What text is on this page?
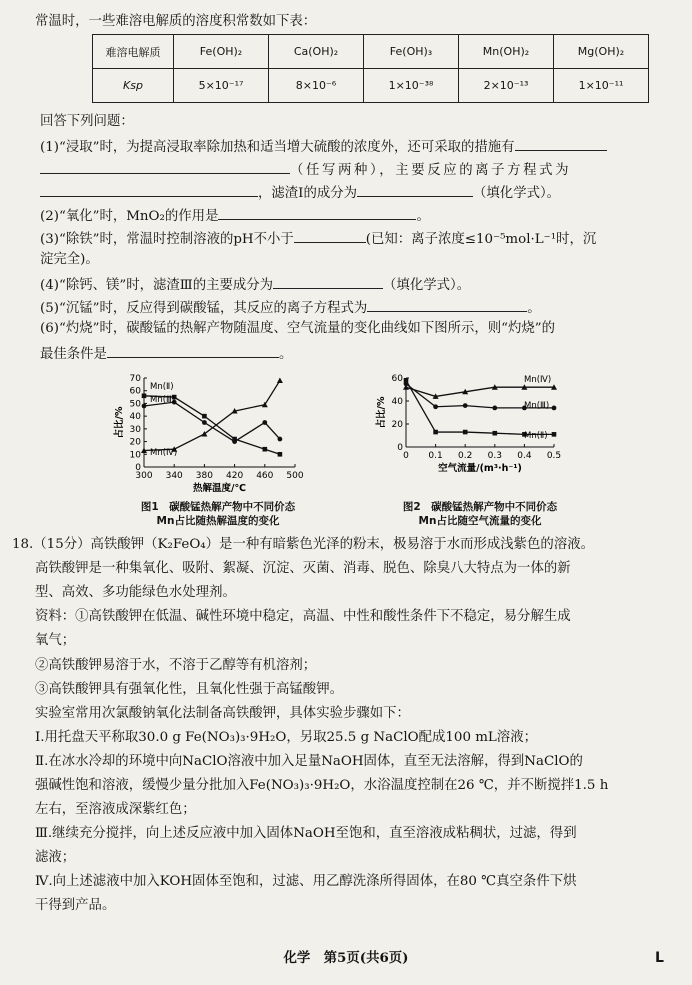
常温时，一些难溶电解质的溶度积常数如下表：
难溶电解质	Fe(OH)₂	Ca(OH)₂	Fe(OH)₃	Mn(OH)₂	Mg(OH)₂
Ksp	5×10⁻¹⁷	8×10⁻⁶	1×10⁻³⁸	2×10⁻¹³	1×10⁻¹¹
回答下列问题：
(1)“浸取”时，为提高浸取率除加热和适当增大硫酸的浓度外，还可采取的措施有
（任写两种），主要反应的离子方程式为
，滤渣Ⅰ的成分为	（填化学式）。
(2)“氧化”时，MnO₂的作用是	。
(3)“除铁”时，常温时控制溶液的pH不小于	(已知：离子浓度≤10⁻⁵mol·L⁻¹时，沉
淀完全)。
(4)“除钙、镁”时，滤渣Ⅲ的主要成分为	（填化学式）。
(5)“沉锰”时，反应得到碳酸锰，其反应的离子方程式为	。
(6)“灼烧”时，碳酸锰的热解产物随温度、空气流量的变化曲线如下图所示，则“灼烧”的
最佳条件是	。
300 340 380 420 460 500
0
10
20
30
40
50
60
70
热解温度/℃
占比/%
Mn(Ⅱ)
Mn(Ⅲ)
Mn(Ⅳ)	0 0.1 0.2 0.3 0.4 0.5
0
20
40
60
空气流量/(m³·h⁻¹)
占比/%
Mn(Ⅳ)
Mn(Ⅲ)
Mn(Ⅱ)
图1　碳酸锰热解产物中不同价态
Mn占比随热解温度的变化
图2　碳酸锰热解产物中不同价态
Mn占比随空气流量的变化
18.（15分）高铁酸钾（K₂FeO₄）是一种有暗紫色光泽的粉末，极易溶于水而形成浅紫色的溶液。
高铁酸钾是一种集氧化、吸附、絮凝、沉淀、灭菌、消毒、脱色、除臭八大特点为一体的新
型、高效、多功能绿色水处理剂。
资料：①高铁酸钾在低温、碱性环境中稳定，高温、中性和酸性条件下不稳定，易分解生成
氧气；
②高铁酸钾易溶于水，不溶于乙醇等有机溶剂；
③高铁酸钾具有强氧化性，且氧化性强于高锰酸钾。
实验室常用次氯酸钠氧化法制备高铁酸钾，具体实验步骤如下：
Ⅰ.用托盘天平称取30.0 g Fe(NO₃)₃·9H₂O，另取25.5 g NaClO配成100 mL溶液；
Ⅱ.在冰水冷却的环境中向NaClO溶液中加入足量NaOH固体，直至无法溶解，得到NaClO的
强碱性饱和溶液，缓慢少量分批加入Fe(NO₃)₃·9H₂O，水浴温度控制在26 ℃，并不断搅拌1.5 h
左右，至溶液成深紫红色；
Ⅲ.继续充分搅拌，向上述反应液中加入固体NaOH至饱和，直至溶液成粘稠状，过滤，得到
滤液；
Ⅳ.向上述滤液中加入KOH固体至饱和，过滤、用乙醇洗涤所得固体，在80 ℃真空条件下烘
干得到产品。
化学　第5页(共6页)	L
